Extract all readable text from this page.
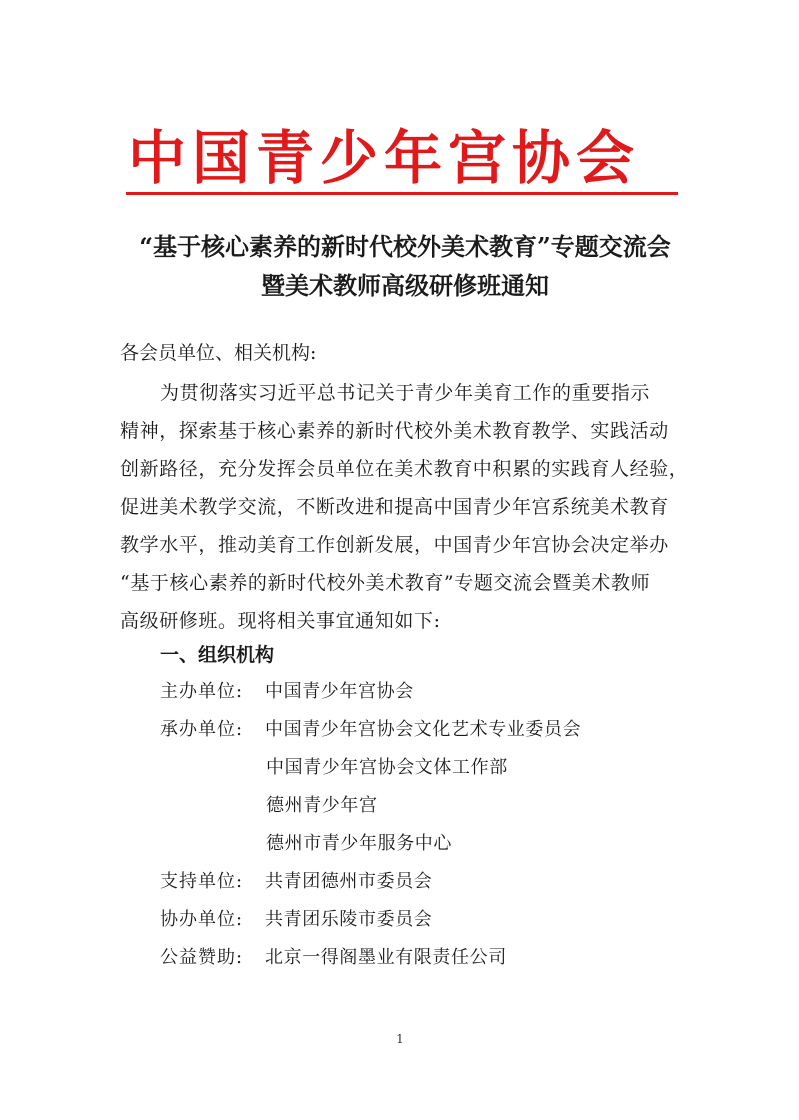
中国青少年宫协会
“基于核心素养的新时代校外美术教育”专题交流会
暨美术教师高级研修班通知
各会员单位、相关机构:
为贯彻落实习近平总书记关于青少年美育工作的重要指示
精神，探索基于核心素养的新时代校外美术教育教学、实践活动
创新路径，充分发挥会员单位在美术教育中积累的实践育人经验，
促进美术教学交流，不断改进和提高中国青少年宫系统美术教育
教学水平，推动美育工作创新发展，中国青少年宫协会决定举办
“基于核心素养的新时代校外美术教育”专题交流会暨美术教师
高级研修班。现将相关事宜通知如下:
一、组织机构
主办单位: 中国青少年宫协会
承办单位: 中国青少年宫协会文化艺术专业委员会
中国青少年宫协会文体工作部
德州青少年宫
德州市青少年服务中心
支持单位: 共青团德州市委员会
协办单位: 共青团乐陵市委员会
公益赞助: 北京一得阁墨业有限责任公司
1
